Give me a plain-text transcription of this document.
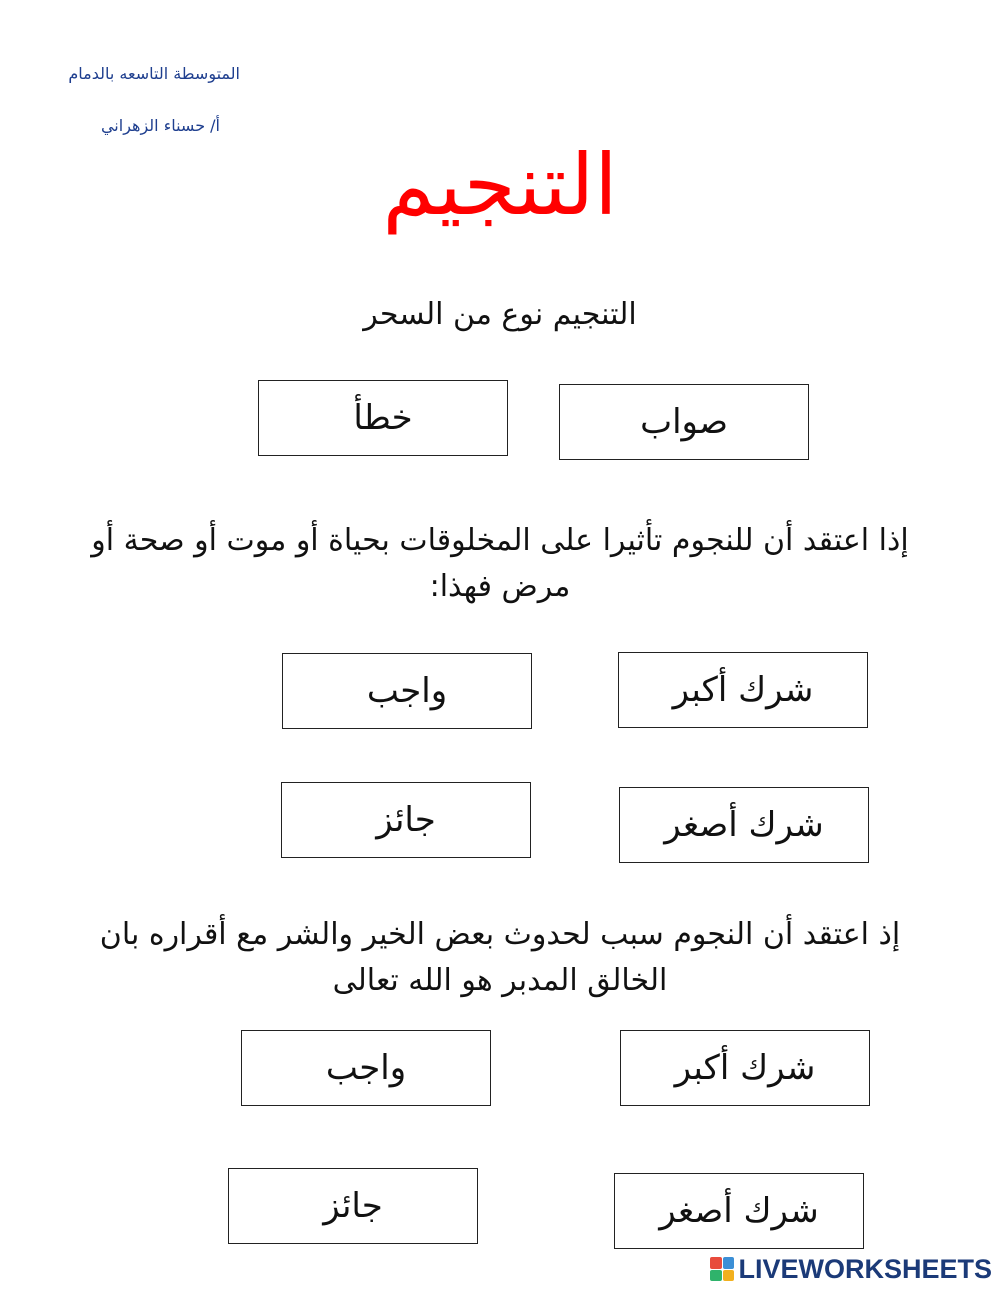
المتوسطة التاسعه بالدمام
أ/ حسناء الزهراني
التنجيم
التنجيم نوع من السحر
صواب
خطأ
إذا اعتقد أن للنجوم تأثيرا على المخلوقات بحياة أو موت أو صحة أو مرض فهذا:
شرك أكبر
واجب
شرك أصغر
جائز
إذ اعتقد أن النجوم سبب لحدوث بعض الخير والشر مع أقراره بان الخالق المدبر هو الله تعالى
شرك أكبر
واجب
شرك أصغر
جائز
LIVEWORKSHEETS
